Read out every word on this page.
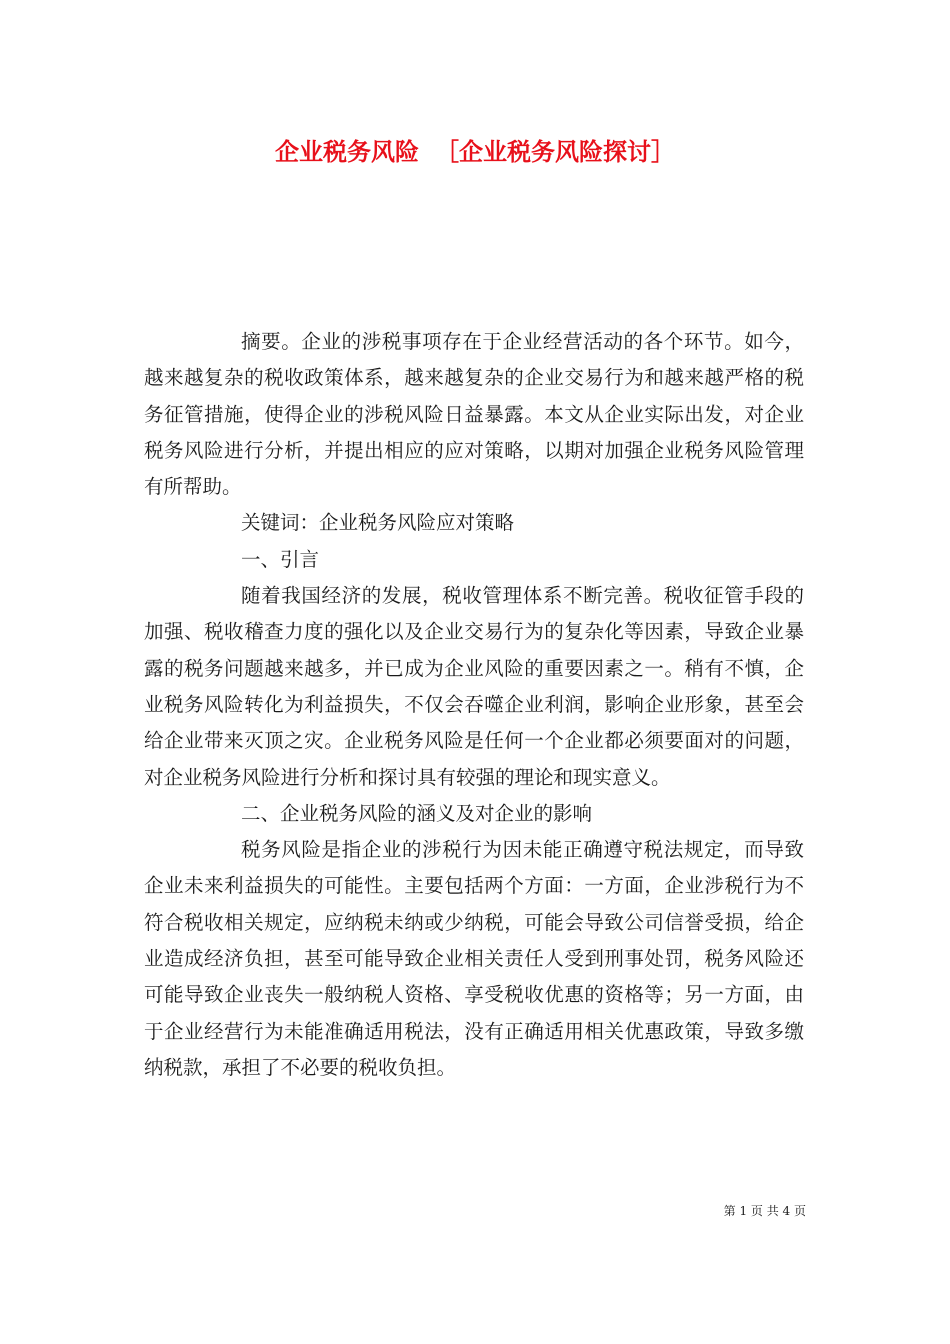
企业税务风险 ［企业税务风险探讨］

摘要。企业的涉税事项存在于企业经营活动的各个环节。如今，越来越复杂的税收政策体系，越来越复杂的企业交易行为和越来越严格的税务征管措施，使得企业的涉税风险日益暴露。本文从企业实际出发，对企业税务风险进行分析，并提出相应的应对策略，以期对加强企业税务风险管理有所帮助。

关键词：企业税务风险应对策略

一、引言

随着我国经济的发展，税收管理体系不断完善。税收征管手段的加强、税收稽查力度的强化以及企业交易行为的复杂化等因素，导致企业暴露的税务问题越来越多，并已成为企业风险的重要因素之一。稍有不慎，企业税务风险转化为利益损失，不仅会吞噬企业利润，影响企业形象，甚至会给企业带来灭顶之灾。企业税务风险是任何一个企业都必须要面对的问题，对企业税务风险进行分析和探讨具有较强的理论和现实意义。

二、企业税务风险的涵义及对企业的影响

税务风险是指企业的涉税行为因未能正确遵守税法规定，而导致企业未来利益损失的可能性。主要包括两个方面：一方面，企业涉税行为不符合税收相关规定，应纳税未纳或少纳税，可能会导致公司信誉受损，给企业造成经济负担，甚至可能导致企业相关责任人受到刑事处罚，税务风险还可能导致企业丧失一般纳税人资格、享受税收优惠的资格等；另一方面，由于企业经营行为未能准确适用税法，没有正确适用相关优惠政策，导致多缴纳税款，承担了不必要的税收负担。

第 1 页 共 4 页
